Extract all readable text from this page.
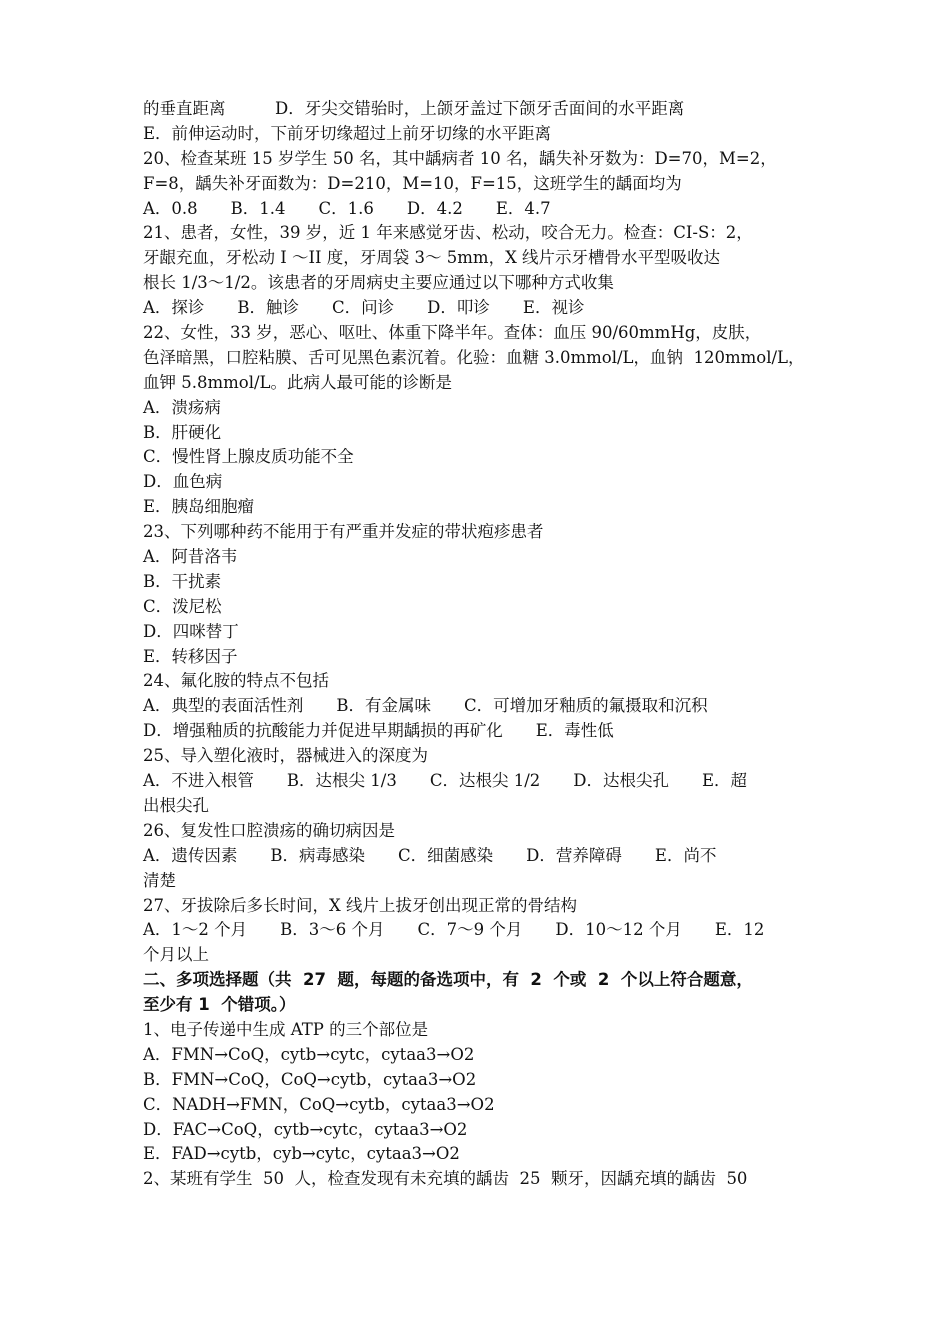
的垂直距离　　　D．牙尖交错骀时，上颌牙盖过下颌牙舌面间的水平距离
E．前伸运动时，下前牙切缘超过上前牙切缘的水平距离
20、检查某班 15 岁学生 50 名，其中龋病者 10 名，龋失补牙数为：D=70，M=2，
F=8，龋失补牙面数为：D=210，M=10，F=15，这班学生的龋面均为
A．0.8　　B．1.4　　C．1.6　　D．4.2　　E．4.7
21、患者，女性，39 岁，近 1 年来感觉牙齿、松动，咬合无力。检查：CI-S：2，
牙龈充血，牙松动 I ～II 度，牙周袋 3～ 5mm，X 线片示牙槽骨水平型吸收达
根长 1/3～1/2。该患者的牙周病史主要应通过以下哪种方式收集
A．探诊　　B．触诊　　C．问诊　　D．叩诊　　E．视诊
22、女性，33 岁，恶心、呕吐、体重下降半年。查体：血压 90/60mmHg，皮肤，
色泽暗黑，口腔粘膜、舌可见黑色素沉着。化验：血糖 3.0mmol/L，血钠  120mmol/L，
血钾 5.8mmol/L。此病人最可能的诊断是
A．溃疡病
B．肝硬化
C．慢性肾上腺皮质功能不全
D．血色病
E．胰岛细胞瘤
23、下列哪种药不能用于有严重并发症的带状疱疹患者
A．阿昔洛韦
B．干扰素
C．泼尼松
D．四咪替丁
E．转移因子
24、氟化胺的特点不包括
A．典型的表面活性剂　　B．有金属味　　C．可增加牙釉质的氟摄取和沉积
D．增强釉质的抗酸能力并促进早期龋损的再矿化　　E．毒性低
25、导入塑化液时，器械进入的深度为
A．不进入根管　　B．达根尖 1/3　　C．达根尖 1/2　　D．达根尖孔　　E．超
出根尖孔
26、复发性口腔溃疡的确切病因是
A．遗传因素　　B．病毒感染　　C．细菌感染　　D．营养障碍　　E．尚不
清楚
27、牙拔除后多长时间，X 线片上拔牙创出现正常的骨结构
A．1～2 个月　　B．3～6 个月　　C．7～9 个月　　D．10～12 个月　　E．12
个月以上
二、多项选择题（共  27  题，每题的备选项中，有  2  个或  2  个以上符合题意，
至少有 1  个错项。）
1、电子传递中生成 ATP 的三个部位是
A．FMN→CoQ，cytb→cytc，cytaa3→O2
B．FMN→CoQ，CoQ→cytb，cytaa3→O2
C．NADH→FMN，CoQ→cytb，cytaa3→O2
D．FAC→CoQ，cytb→cytc，cytaa3→O2
E．FAD→cytb，cyb→cytc，cytaa3→O2
2、某班有学生  50  人，检查发现有未充填的龋齿  25  颗牙，因龋充填的龋齿  50
